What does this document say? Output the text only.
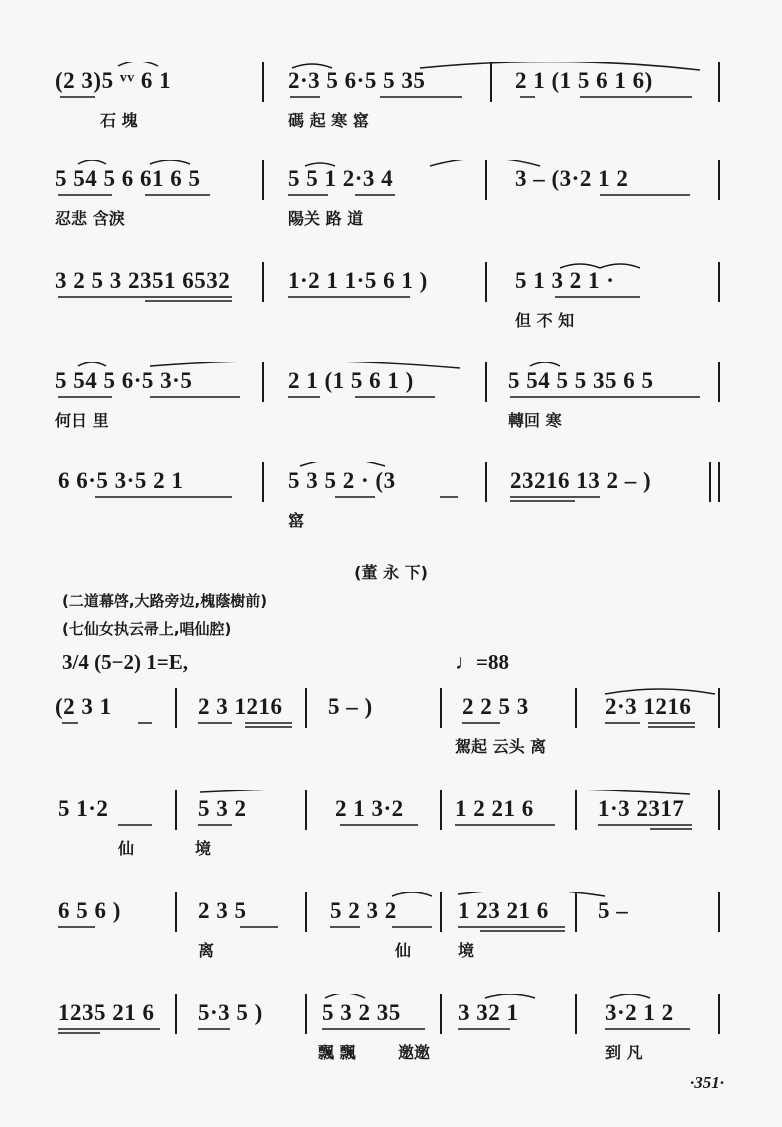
(2 3)5 ᵛᵛ 6 1	2·3 5 6·5 5 35	2 1 (1 5 6 1 6)
石 塊	碼 起 寒 窰
5 54 5 6 61 6 5	5 5 1 2·3 4	3 – (3·2 1 2
忍悲 含淚	陽关 路 道
3 2 5 3 2351 6532	1·2 1 1·5 6 1 )	5 1 3 2 1 ·
但 不 知
5 54 5 6·5 3·5	2 1 (1 5 6 1 )	5 54 5 5 35 6 5
何日 里	轉回 寒
6 6·5 3·5 2 1	5 3 5 2 · (3	23216 13 2 – )
窰
(董 永 下)
(二道幕啓,大路旁边,槐蔭樹前)
(七仙女执云帚上,唱仙腔)
3/4 (5−2) 1=E,	♩=88
(2 3 1	2 3 1216 5 – )	2 2 5 3	2·3 1216
駕起 云头 离
5 1·2	5 3 2	2 1 3·2 1 2 21 6	1·3 2317
仙	境
6 5 6 )	2 3 5	5 2 3 2	1 23 21 6 5 –
离	仙	境
1235 21 6 5·3 5 )	5 3 2 35 3 32 1	3·2 1 2
飄 飄	邀邀	到 凡
·351·
